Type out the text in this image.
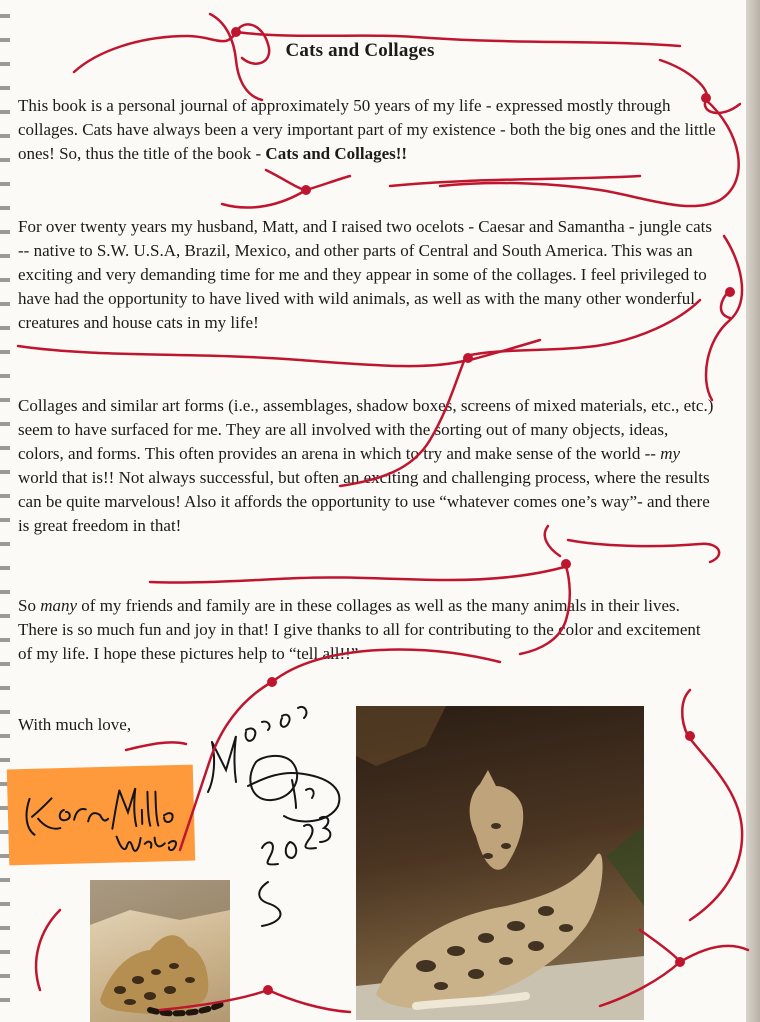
Cats and Collages

This book is a personal journal of approximately 50 years of my life - expressed mostly through collages. Cats have always been a very important part of my existence - both the big ones and the little ones! So, thus the title of the book - Cats and Collages!!

For over twenty years my husband, Matt, and I raised two ocelots - Caesar and Samantha - jungle cats -- native to S.W. U.S.A, Brazil, Mexico, and other parts of Central and South America. This was an exciting and very demanding time for me and they appear in some of the collages. I feel privileged to have had the opportunity to have lived with wild animals, as well as with the many other wonderful creatures and house cats in my life!

Collages and similar art forms (i.e., assemblages, shadow boxes, screens of mixed materials, etc., etc.) seem to have surfaced for me. They are all involved with the sorting out of many objects, ideas, colors, and forms. This often provides an arena in which to try and make sense of the world -- my world that is!! Not always successful, but often an exciting and challenging process, where the results can be quite marvelous! Also it affords the opportunity to use “whatever comes one’s way”- and there is great freedom in that!

So many of my friends and family are in these collages as well as the many animals in their lives. There is so much fun and joy in that! I give thanks to all for contributing to the color and excitement of my life. I hope these pictures help to “tell all!!”

With much love,
